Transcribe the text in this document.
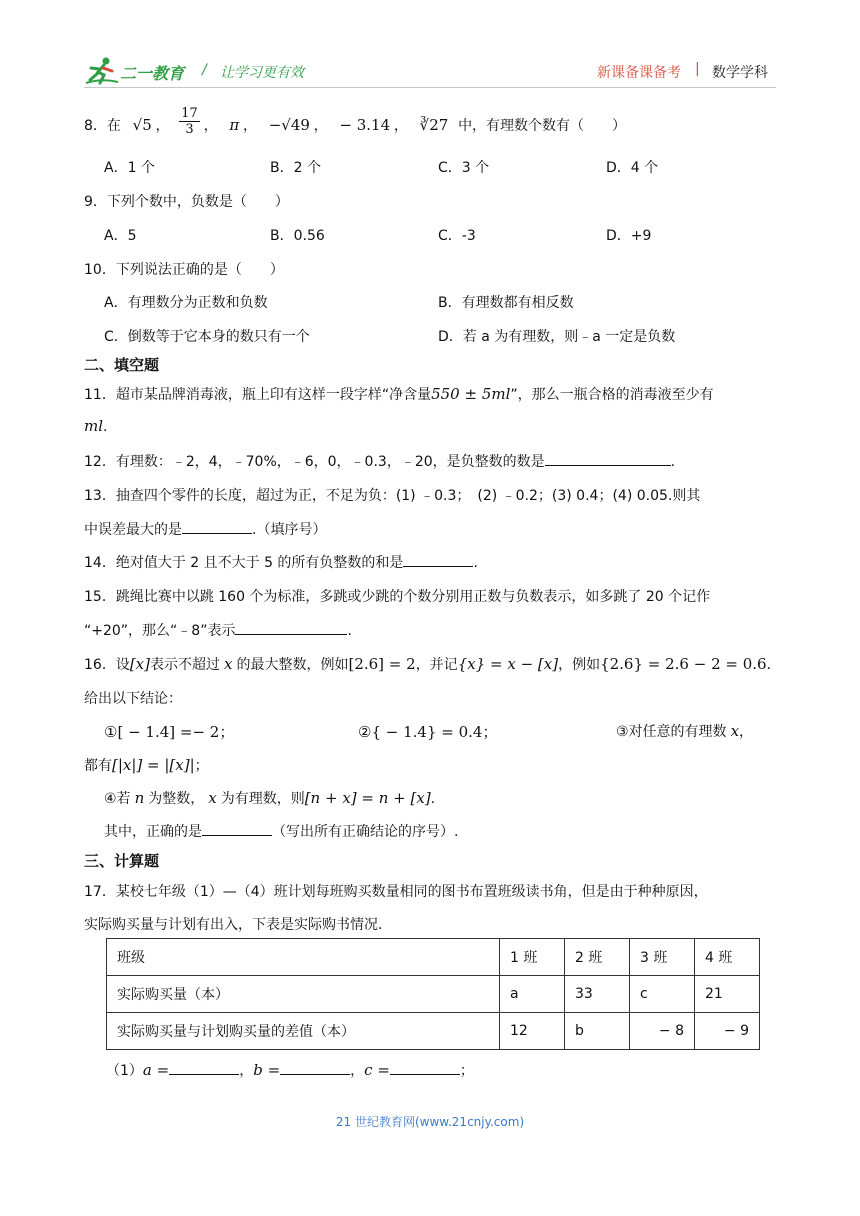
二一教育 / 让学习更有效	新课备课备考 | 数学学科
8．在 √5 ， $\frac{17}{3}$ ， π ， −√49 ， − 3.14 ， ∛27 中，有理数个数有（　　）
A．1 个	B．2 个	C．3 个	D．4 个
9．下列个数中，负数是（　　）
A．5	B．0.56	C．-3	D．+9
10．下列说法正确的是（　　）
A．有理数分为正数和负数	B．有理数都有相反数
C．倒数等于它本身的数只有一个	D．若 a 为有理数，则﹣a 一定是负数
二、填空题
11．超市某品牌消毒液，瓶上印有这样一段字样“净含量550 ± 5ml”，那么一瓶合格的消毒液至少有
ml.
12．有理数：﹣2，4，﹣70%，﹣6，0，﹣0.3，﹣20，是负整数的数是	.
13．抽查四个零件的长度，超过为正，不足为负：(1) ﹣0.3；　(2) ﹣0.2；(3) 0.4；(4) 0.05.则其
中误差最大的是	.（填序号）
14．绝对值大于 2 且不大于 5 的所有负整数的和是	.
15．跳绳比赛中以跳 160 个为标准，多跳或少跳的个数分别用正数与负数表示，如多跳了 20 个记作
“+20”，那么“﹣8”表示	.
16．设[x]表示不超过 x 的最大整数，例如[2.6] = 2，并记{x} = x − [x]，例如{2.6} = 2.6 − 2 = 0.6.
给出以下结论：
①[ − 1.4] =− 2；	②{ − 1.4} = 0.4；	③对任意的有理数 x，
都有[|x|] = |[x]|；
④若 n 为整数， x 为有理数，则[n + x] = n + [x].
其中，正确的是	（写出所有正确结论的序号）.
三、计算题
17．某校七年级（1）—（4）班计划每班购买数量相同的图书布置班级读书角，但是由于种种原因，
实际购买量与计划有出入，下表是实际购书情况.
班级	1 班	2 班	3 班	4 班
实际购买量（本）	a	33	c	21
实际购买量与计划购买量的差值（本）	12	b	− 8	− 9
（1）a =	，b =	，c =	；
21 世纪教育网(www.21cnjy.com)
